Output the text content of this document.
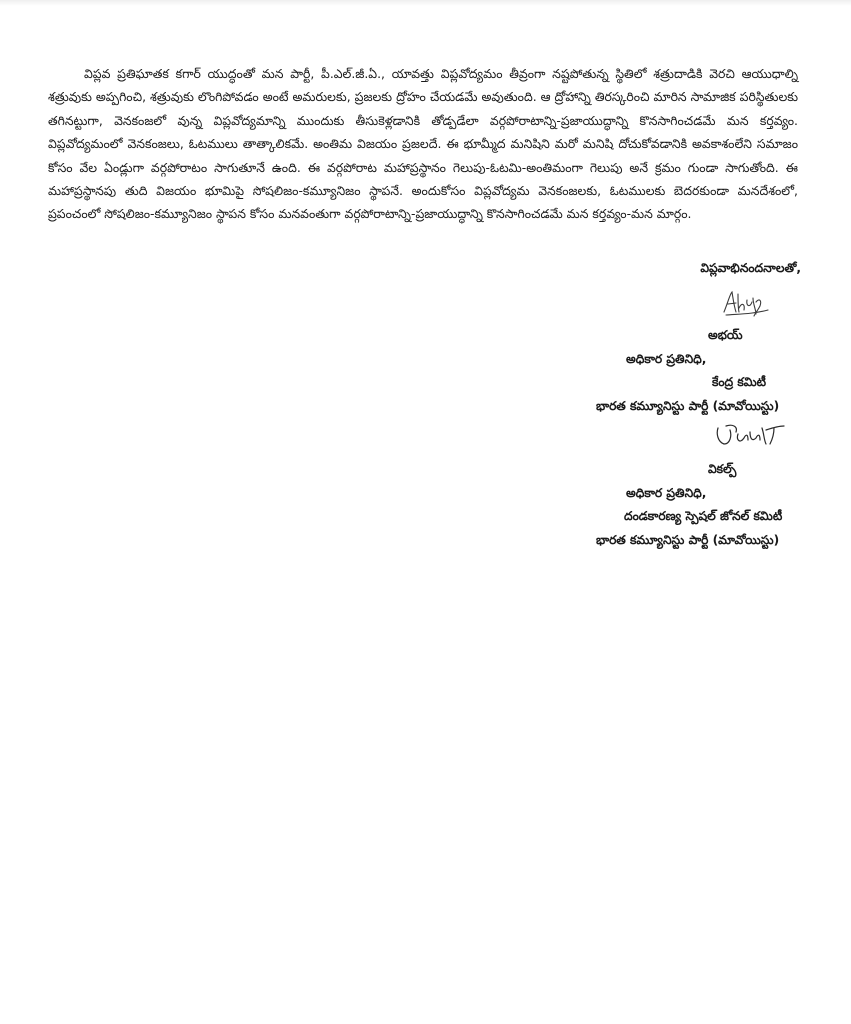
విప్లవ ప్రతిఘాతక కగార్ యుద్ధంతో మన పార్టీ, పీ.ఎల్.జీ.ఏ., యావత్తు విప్లవోద్యమం తీవ్రంగా నష్టపోతున్న స్థితిలో శత్రుదాడికి వెరచి ఆయుధాల్ని శత్రువుకు అప్పగించి, శత్రువుకు లొంగిపోవడం అంటే అమరులకు, ప్రజలకు ద్రోహం చేయడమే అవుతుంది. ఆ ద్రోహాన్ని తిరస్కరించి మారిన సామాజిక పరిస్థితులకు తగినట్టుగా, వెనకంజలో వున్న విప్లవోద్యమాన్ని ముందుకు తీసుకెళ్లడానికి తోడ్పడేలా వర్గపోరాటాన్ని-ప్రజాయుద్ధాన్ని కొనసాగించడమే మన కర్తవ్యం. విప్లవోద్యమంలో వెనకంజలు, ఓటములు తాత్కాలికమే. అంతిమ విజయం ప్రజలదే. ఈ భూమ్మీద మనిషిని మరో మనిషి దోచుకోవడానికి అవకాశంలేని సమాజం కోసం వేల ఏండ్లుగా వర్గపోరాటం సాగుతూనే ఉంది. ఈ వర్గపోరాట మహాప్రస్థానం గెలుపు-ఓటమి-అంతిమంగా గెలుపు అనే క్రమం గుండా సాగుతోంది. ఈ మహాప్రస్థానపు తుది విజయం భూమిపై సోషలిజం-కమ్యూనిజం స్థాపనే. అందుకోసం విప్లవోద్యమ వెనకంజలకు, ఓటములకు బెదరకుండా మనదేశంలో, ప్రపంచంలో సోషలిజం-కమ్యూనిజం స్థాపన కోసం మనవంతుగా వర్గపోరాటాన్ని-ప్రజాయుద్ధాన్ని కొనసాగించడమే మన కర్తవ్యం-మన మార్గం.

విప్లవాభినందనాలతో,

అభయ్
అధికార ప్రతినిధి,
కేంద్ర కమిటీ
భారత కమ్యూనిస్టు పార్టీ (మావోయిస్టు)
వికల్ప్
అధికార ప్రతినిధి,
దండకారణ్య స్పెషల్ జోనల్ కమిటీ
భారత కమ్యూనిస్టు పార్టీ (మావోయిస్టు)
